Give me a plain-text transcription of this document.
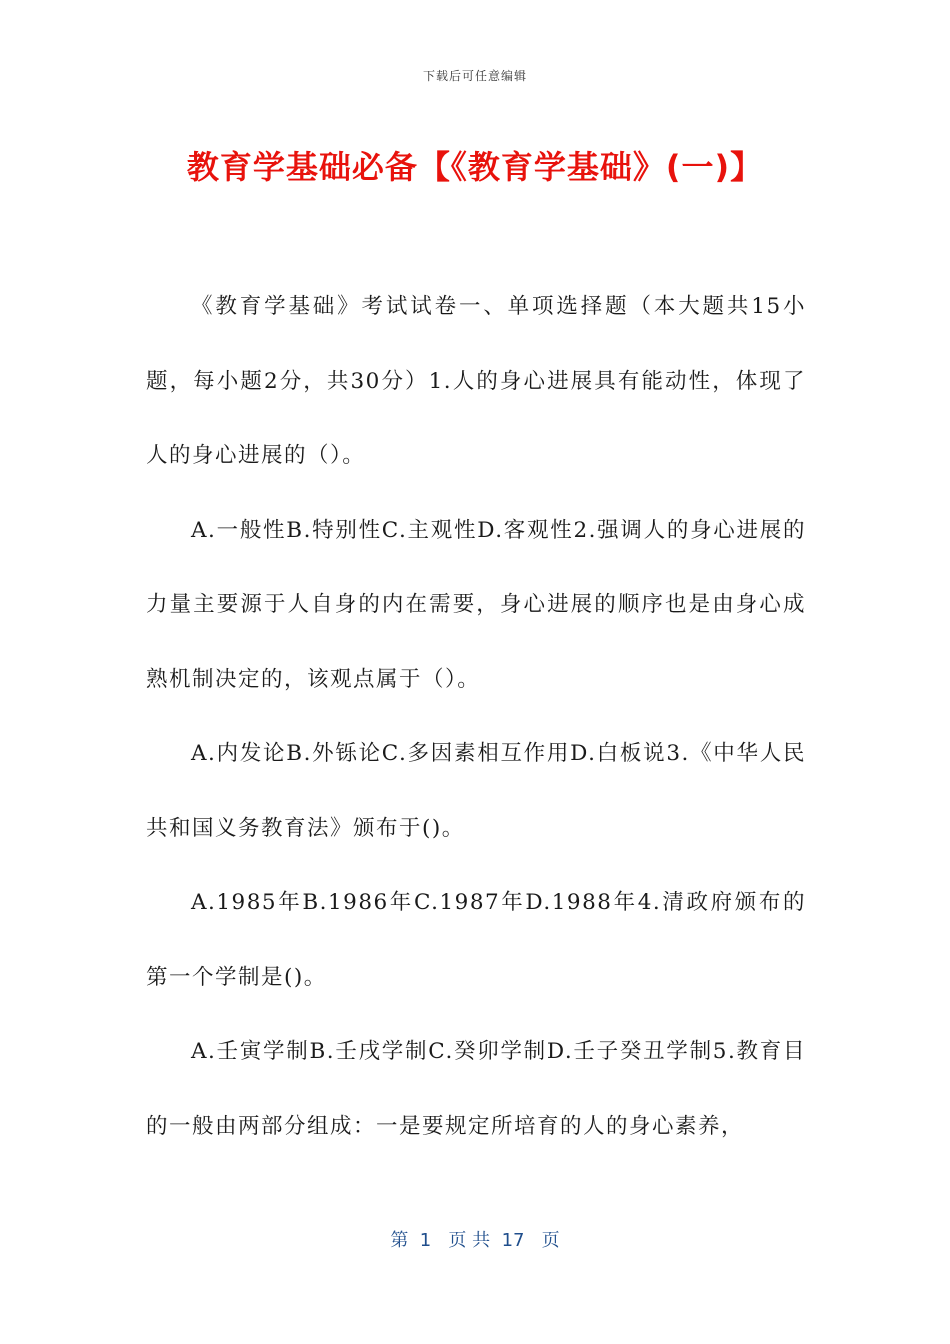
下载后可任意编辑
教育学基础必备【《教育学基础》(一)】

《教育学基础》考试试卷一、单项选择题（本大题共15小题，每小题2分，共30分）1.人的身心进展具有能动性，体现了人的身心进展的（）。

A.一般性B.特别性C.主观性D.客观性2.强调人的身心进展的力量主要源于人自身的内在需要，身心进展的顺序也是由身心成熟机制决定的，该观点属于（）。

A.内发论B.外铄论C.多因素相互作用D.白板说3.《中华人民共和国义务教育法》颁布于()。

A.1985年B.1986年C.1987年D.1988年4.清政府颁布的第一个学制是()。

A.壬寅学制B.壬戌学制C.癸卯学制D.壬子癸丑学制5.教育目的一般由两部分组成：一是要规定所培育的人的身心素养，

第  1   页 共  17   页
